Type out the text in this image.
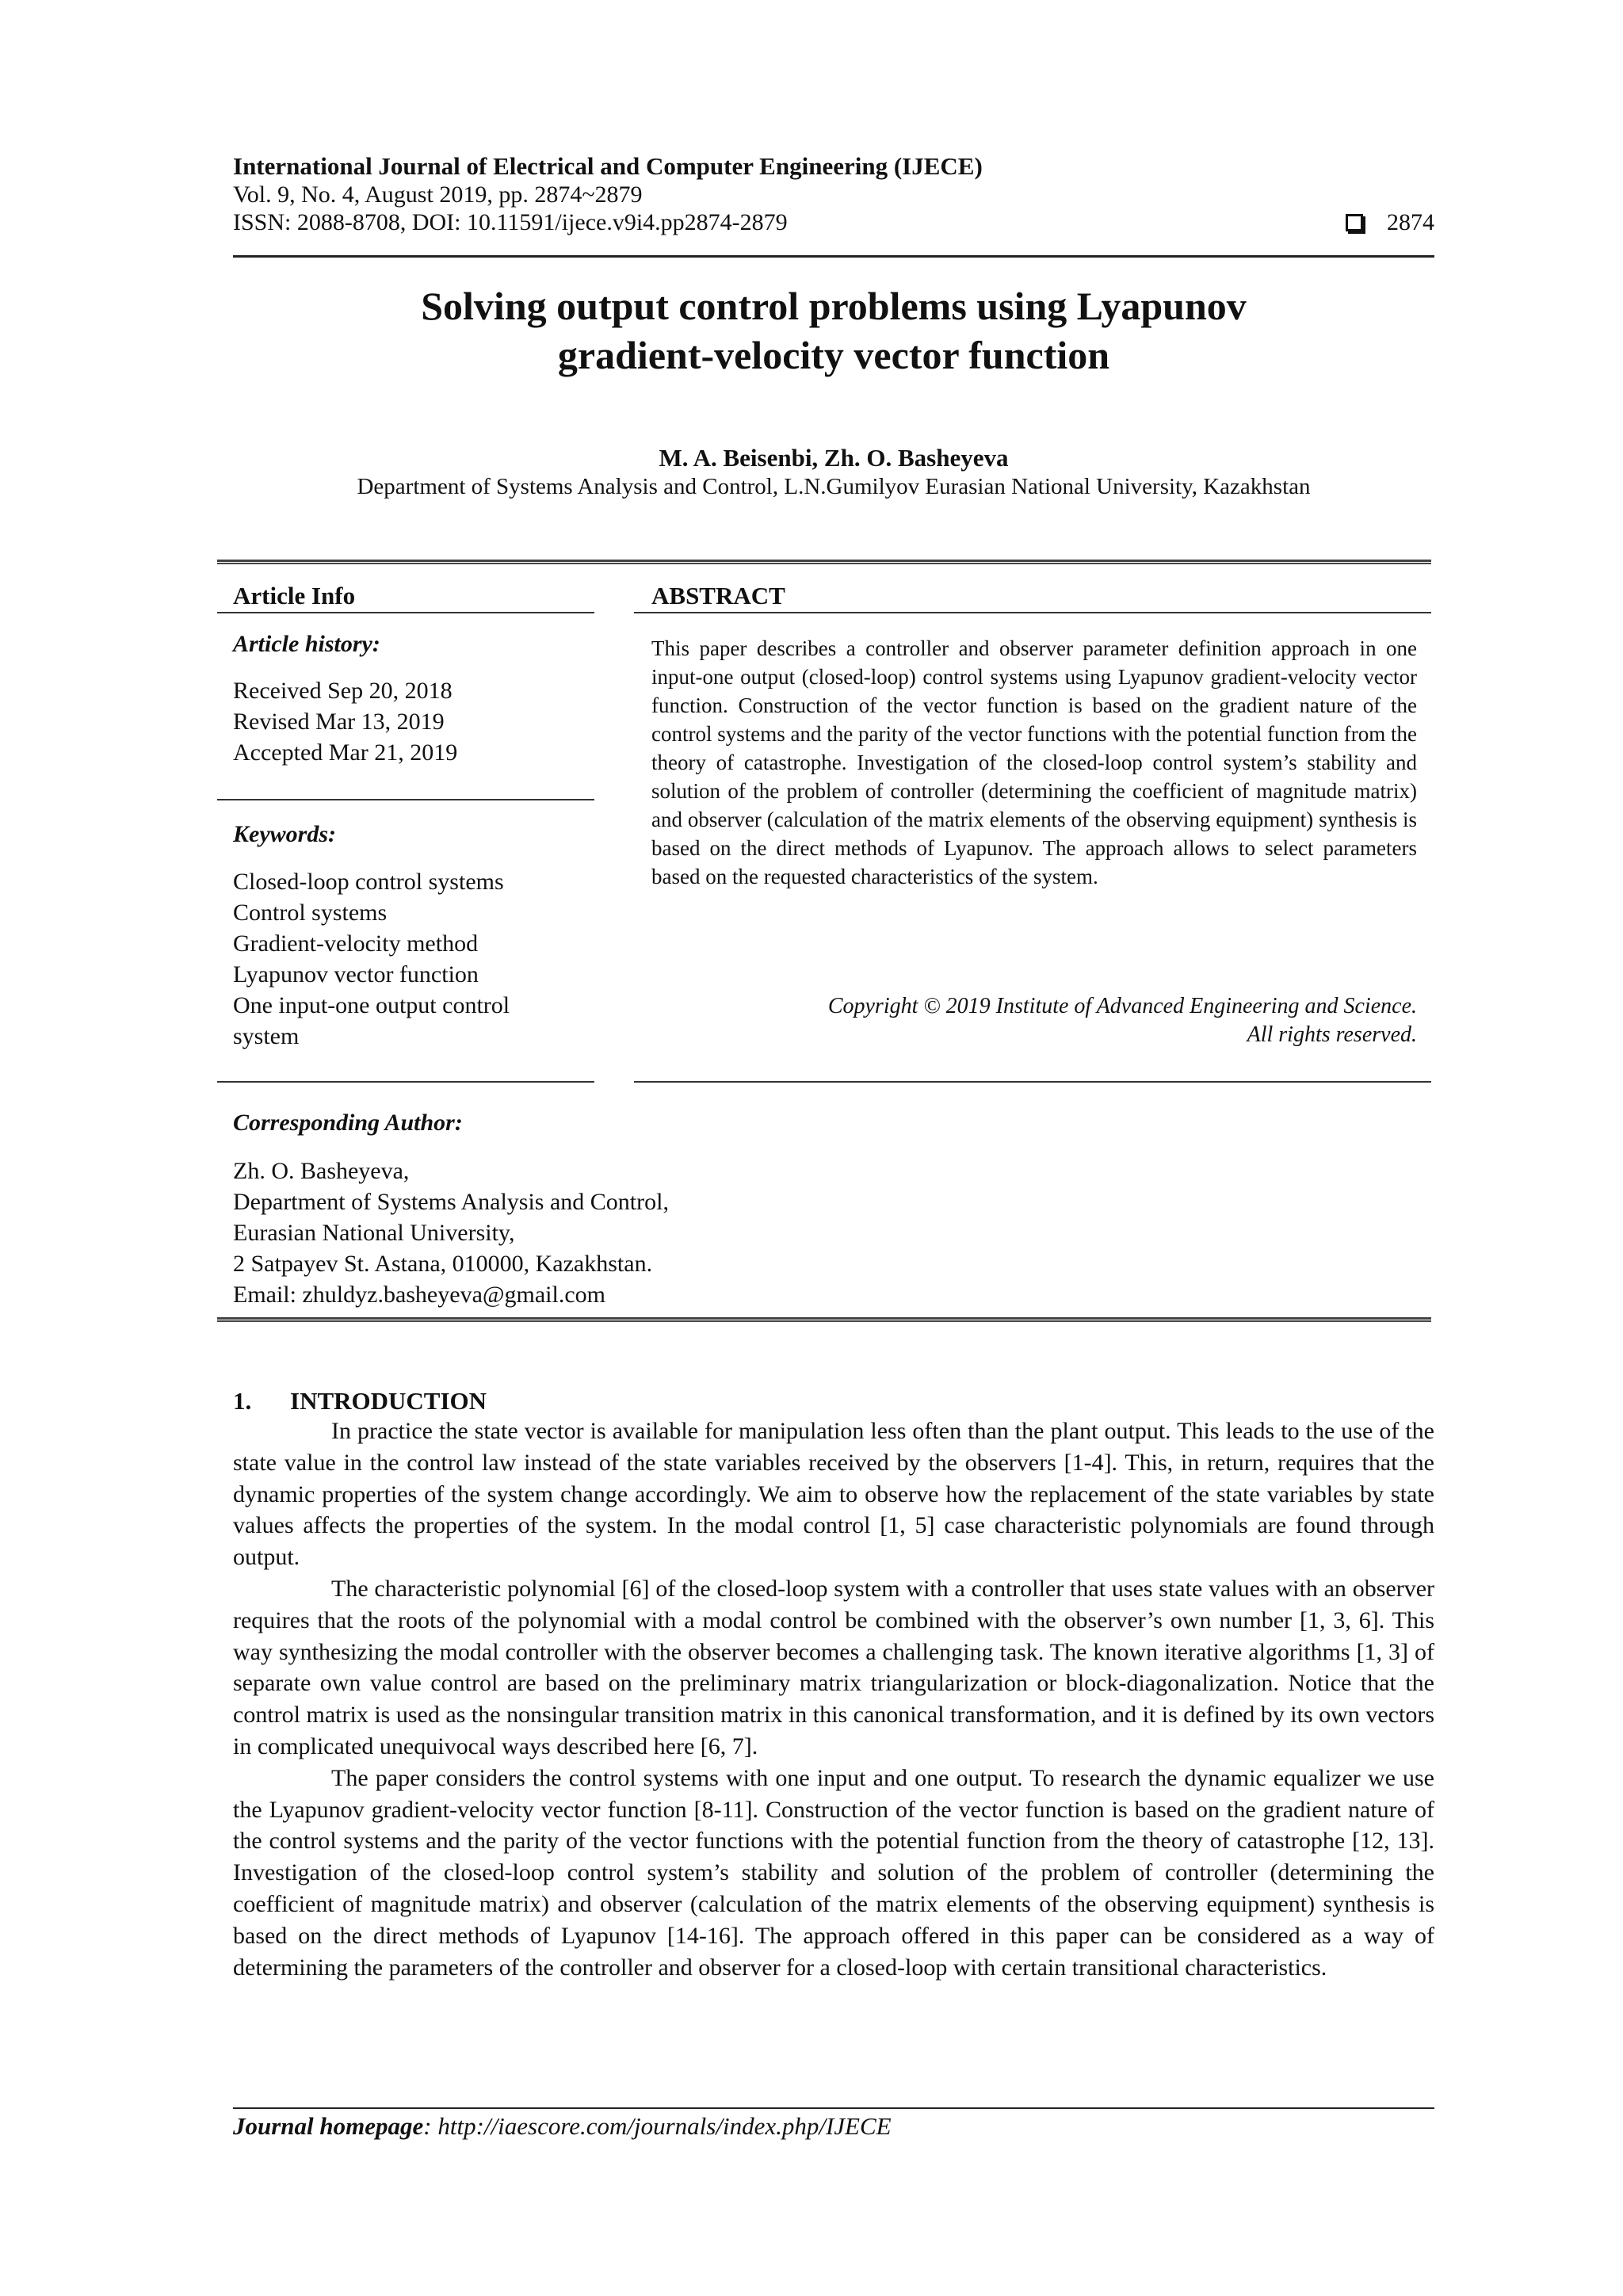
International Journal of Electrical and Computer Engineering (IJECE)
Vol. 9, No. 4, August 2019, pp. 2874~2879
ISSN: 2088-8708, DOI: 10.11591/ijece.v9i4.pp2874-2879	2874
Solving output control problems using Lyapunov
gradient-velocity vector function
M. A. Beisenbi, Zh. O. Basheyeva
Department of Systems Analysis and Control, L.N.Gumilyov Eurasian National University, Kazakhstan
Article Info
Article history:
Received Sep 20, 2018
Revised Mar 13, 2019
Accepted Mar 21, 2019
Keywords:
Closed-loop control systems
Control systems
Gradient-velocity method
Lyapunov vector function
One input-one output control
system
ABSTRACT
This paper describes a controller and observer parameter definition approach in one input-one output (closed-loop) control systems using Lyapunov gradient-velocity vector function. Construction of the vector function is based on the gradient nature of the control systems and the parity of the vector functions with the potential function from the theory of catastrophe. Investigation of the closed-loop control system’s stability and solution of the problem of controller (determining the coefficient of magnitude matrix) and observer (calculation of the matrix elements of the observing equipment) synthesis is based on the direct methods of Lyapunov. The approach allows to select parameters based on the requested characteristics of the system.
Copyright © 2019 Institute of Advanced Engineering and Science.
All rights reserved.
Corresponding Author:
Zh. O. Basheyeva,
Department of Systems Analysis and Control,
Eurasian National University,
2 Satpayev St. Astana, 010000, Kazakhstan.
Email: zhuldyz.basheyeva@gmail.com
1. INTRODUCTION

In practice the state vector is available for manipulation less often than the plant output. This leads to the use of the state value in the control law instead of the state variables received by the observers [1-4]. This, in return, requires that the dynamic properties of the system change accordingly. We aim to observe how the replacement of the state variables by state values affects the properties of the system. In the modal control [1, 5] case characteristic polynomials are found through output.

The characteristic polynomial [6] of the closed-loop system with a controller that uses state values with an observer requires that the roots of the polynomial with a modal control be combined with the observer’s own number [1, 3, 6]. This way synthesizing the modal controller with the observer becomes a challenging task. The known iterative algorithms [1, 3] of separate own value control are based on the preliminary matrix triangularization or block-diagonalization. Notice that the control matrix is used as the nonsingular transition matrix in this canonical transformation, and it is defined by its own vectors in complicated unequivocal ways described here [6, 7].

The paper considers the control systems with one input and one output. To research the dynamic equalizer we use the Lyapunov gradient-velocity vector function [8-11]. Construction of the vector function is based on the gradient nature of the control systems and the parity of the vector functions with the potential function from the theory of catastrophe [12, 13]. Investigation of the closed-loop control system’s stability and solution of the problem of controller (determining the coefficient of magnitude matrix) and observer (calculation of the matrix elements of the observing equipment) synthesis is based on the direct methods of Lyapunov [14-16]. The approach offered in this paper can be considered as a way of determining the parameters of the controller and observer for a closed-loop with certain transitional characteristics.

Journal homepage: http://iaescore.com/journals/index.php/IJECE
